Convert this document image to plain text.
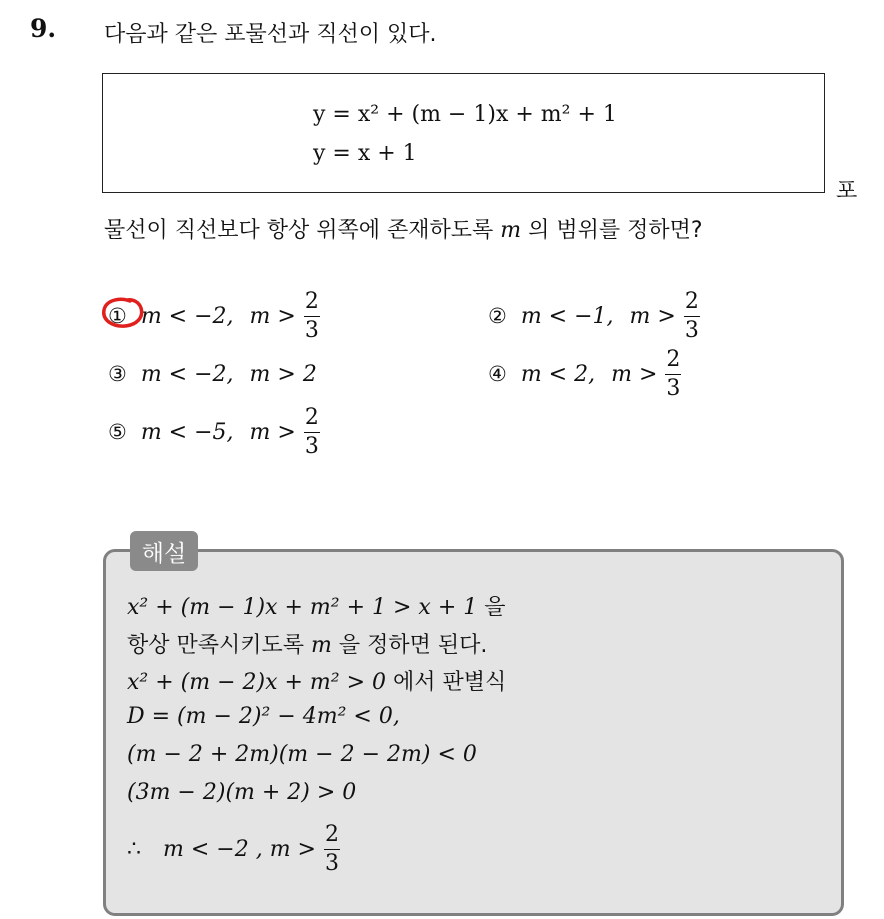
9. 다음과 같은 포물선과 직선이 있다.
y = x² + (m − 1)x + m² + 1
y = x + 1
포
물선이 직선보다 항상 위쪽에 존재하도록 m 의 범위를 정하면?
① m < −2, $m > \frac{2}{3}$	② m < −1, $m > \frac{2}{3}$
③ m < −2, m > 2	④ m < 2, $m > \frac{2}{3}$
⑤ m < −5, $m > \frac{2}{3}$
해설
x² + (m − 1)x + m² + 1 > x + 1 을
항상 만족시키도록 m 을 정하면 된다.
x² + (m − 2)x + m² > 0 에서 판별식
D = (m − 2)² − 4m² < 0,
(m − 2 + 2m)(m − 2 − 2m) < 0
(3m − 2)(m + 2) > 0
∴ m < −2 , $m > \frac{2}{3}$
